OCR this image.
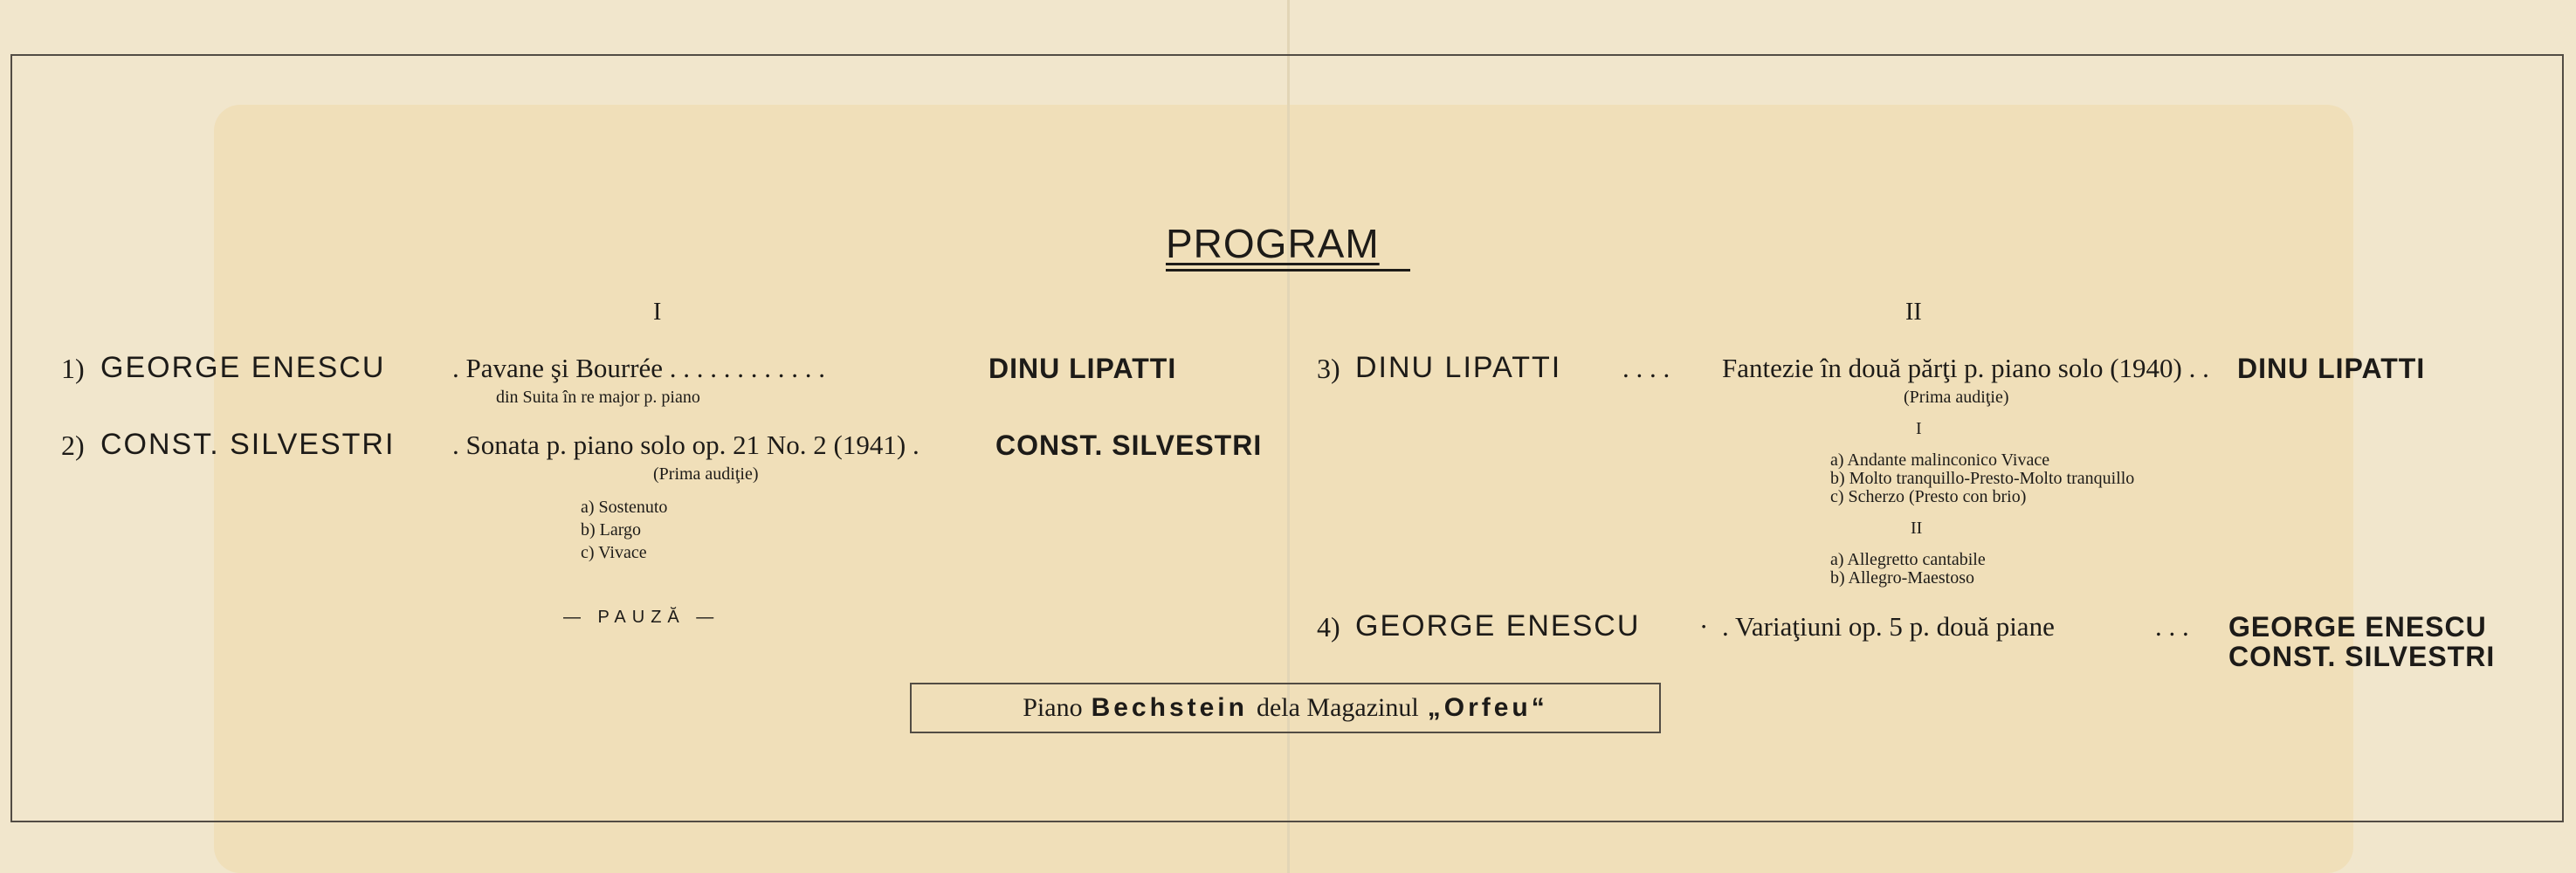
PROGRAM
I	II
1) GEORGE ENESCU . Pavane şi Bourrée . . . . . . . . . . . .
din Suita în re major p. piano
DINU LIPATTI
2) CONST. SILVESTRI . Sonata p. piano solo op. 21 No. 2 (1941) .
(Prima audiţie)
CONST. SILVESTRI
a) Sostenuto
b) Largo
c) Vivace
— PAUZĂ —
3) DINU LIPATTI . . . . Fantezie în două părţi p. piano solo (1940) . .
(Prima audiţie)
DINU LIPATTI
I
a) Andante malinconico Vivace
b) Molto tranquillo-Presto-Molto tranquillo
c) Scherzo (Presto con brio)
II
a) Allegretto cantabile
b) Allegro-Maestoso
4) GEORGE ENESCU · . Variaţiuni op. 5 p. două piane	. . . GEORGE ENESCU
CONST. SILVESTRI
Piano Bechstein dela Magazinul „Orfeu“
